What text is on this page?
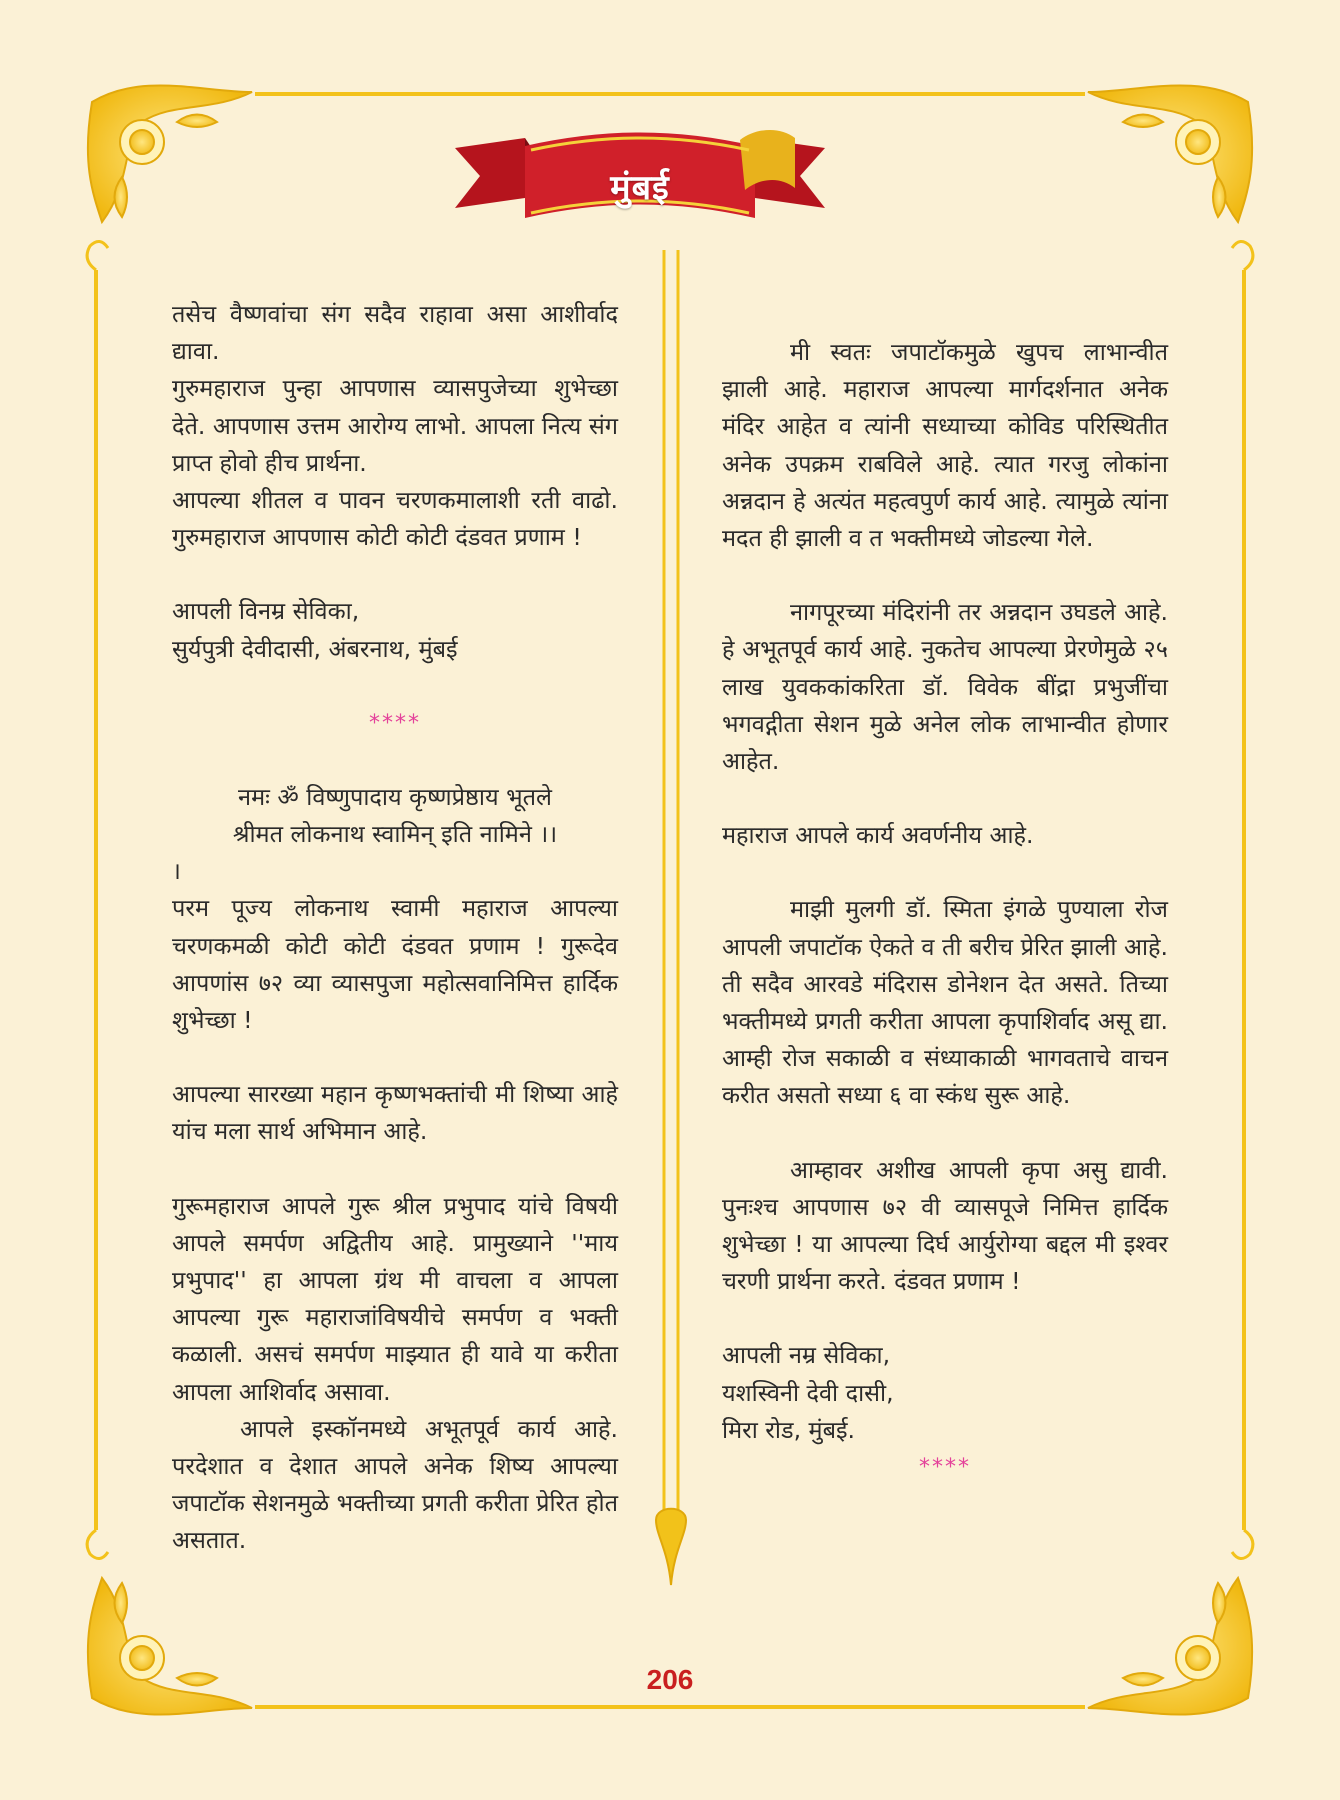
मुंबई

तसेच वैष्णवांचा संग सदैव राहावा असा आशीर्वाद द्यावा.

गुरुमहाराज पुन्हा आपणास व्यासपुजेच्या शुभेच्छा देते. आपणास उत्तम आरोग्य लाभो. आपला नित्य संग प्राप्त होवो हीच प्रार्थना.

आपल्या शीतल व पावन चरणकमालाशी रती वाढो. गुरुमहाराज आपणास कोटी कोटी दंडवत प्रणाम !

आपली विनम्र सेविका,

सुर्यपुत्री देवीदासी, अंबरनाथ, मुंबई

****

नमः ॐ विष्णुपादाय कृष्णप्रेष्ठाय भूतले

श्रीमत लोकनाथ स्वामिन् इति नामिने ।।

।

परम पूज्य लोकनाथ स्वामी महाराज आपल्या चरणकमळी कोटी कोटी दंडवत प्रणाम ! गुरूदेव आपणांस ७२ व्या व्यासपुजा महोत्सवानिमित्त हार्दिक शुभेच्छा !

आपल्या सारख्या महान कृष्णभक्तांची मी शिष्या आहे यांच मला सार्थ अभिमान आहे.

गुरूमहाराज आपले गुरू श्रील प्रभुपाद यांचे विषयी आपले समर्पण अद्वितीय आहे. प्रामुख्याने ''माय प्रभुपाद'' हा आपला ग्रंथ मी वाचला व आपला आपल्या गुरू महाराजांविषयीचे समर्पण व भक्ती कळाली. असचं समर्पण माझ्यात ही यावे या करीता आपला आशिर्वाद असावा.

आपले इस्कॉनमध्ये अभूतपूर्व कार्य आहे. परदेशात व देशात आपले अनेक शिष्य आपल्या जपाटॉक सेशनमुळे भक्तीच्या प्रगती करीता प्रेरित होत असतात.

मी स्वतः जपाटॉकमुळे खुपच लाभान्वीत झाली आहे. महाराज आपल्या मार्गदर्शनात अनेक मंदिर आहेत व त्यांनी सध्याच्या कोविड परिस्थितीत अनेक उपक्रम राबविले आहे. त्यात गरजु लोकांना अन्नदान हे अत्यंत महत्वपुर्ण कार्य आहे. त्यामुळे त्यांना मदत ही झाली व त भक्तीमध्ये जोडल्या गेले.

नागपूरच्या मंदिरांनी तर अन्नदान उघडले आहे. हे अभूतपूर्व कार्य आहे. नुकतेच आपल्या प्रेरणेमुळे २५ लाख युवककांकरिता डॉ. विवेक बींद्रा प्रभुजींचा भगवद्गीता सेशन मुळे अनेल लोक लाभान्वीत होणार आहेत.

महाराज आपले कार्य अवर्णनीय आहे.

माझी मुलगी डॉ. स्मिता इंगळे पुण्याला रोज आपली जपाटॉक ऐकते व ती बरीच प्रेरित झाली आहे. ती सदैव आरवडे मंदिरास डोनेशन देत असते. तिच्या भक्तीमध्ये प्रगती करीता आपला कृपाशिर्वाद असू द्या. आम्ही रोज सकाळी व संध्याकाळी भागवताचे वाचन करीत असतो सध्या ६ वा स्कंध सुरू आहे.

आम्हावर अशीख आपली कृपा असु द्यावी. पुनःश्च आपणास ७२ वी व्यासपूजे निमित्त हार्दिक शुभेच्छा ! या आपल्या दिर्घ आर्युरोग्या बद्दल मी इश्वर चरणी प्रार्थना करते. दंडवत प्रणाम !

आपली नम्र सेविका,

यशस्विनी देवी दासी,

मिरा रोड, मुंबई.

****
206
